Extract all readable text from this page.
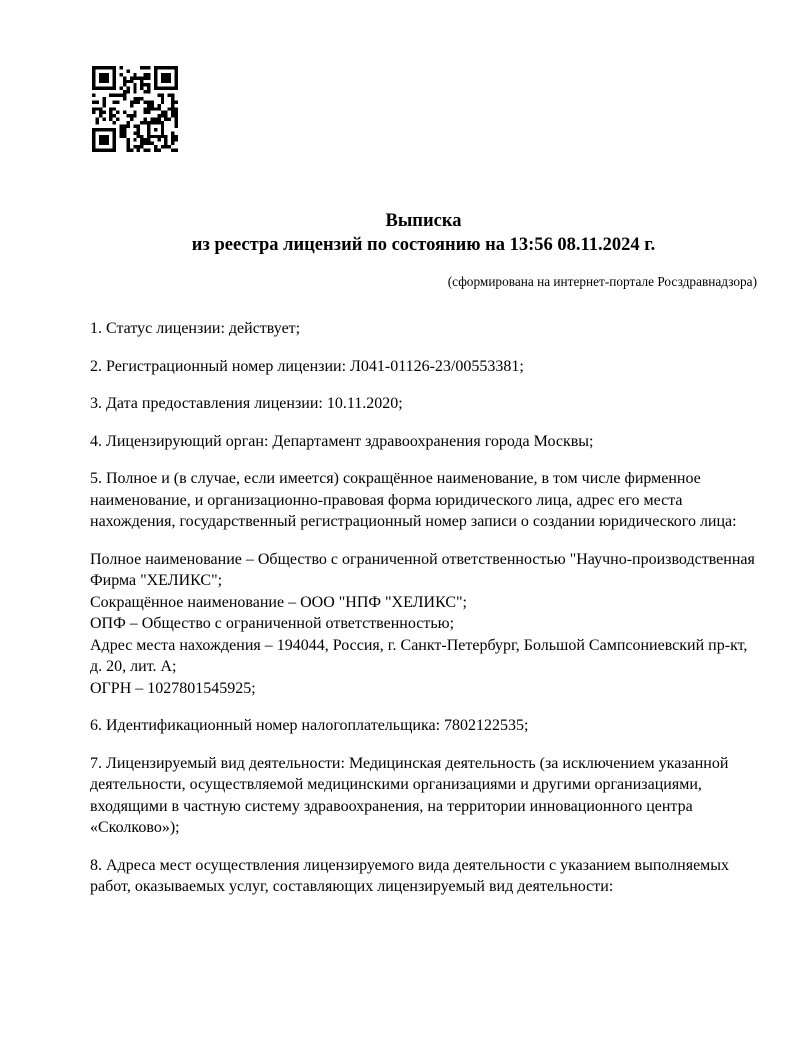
Выписка
из реестра лицензий по состоянию на 13:56 08.11.2024 г.
(сформирована на интернет-портале Росздравнадзора)

1. Статус лицензии: действует;

2. Регистрационный номер лицензии: Л041-01126-23/00553381;

3. Дата предоставления лицензии: 10.11.2020;

4. Лицензирующий орган: Департамент здравоохранения города Москвы;

5. Полное и (в случае, если имеется) сокращённое наименование, в том числе фирменное наименование, и организационно-правовая форма юридического лица, адрес его места нахождения, государственный регистрационный номер записи о создании юридического лица:

Полное наименование – Общество с ограниченной ответственностью "Научно-производственная Фирма "ХЕЛИКС";
Сокращённое наименование – ООО "НПФ "ХЕЛИКС";
ОПФ – Общество с ограниченной ответственностью;
Адрес места нахождения – 194044, Россия, г. Санкт-Петербург, Большой Сампсониевский пр-кт, д. 20, лит. А;
ОГРН – 1027801545925;

6. Идентификационный номер налогоплательщика: 7802122535;

7. Лицензируемый вид деятельности: Медицинская деятельность (за исключением указанной деятельности, осуществляемой медицинскими организациями и другими организациями, входящими в частную систему здравоохранения, на территории инновационного центра «Сколково»);

8. Адреса мест осуществления лицензируемого вида деятельности с указанием выполняемых работ, оказываемых услуг, составляющих лицензируемый вид деятельности:
